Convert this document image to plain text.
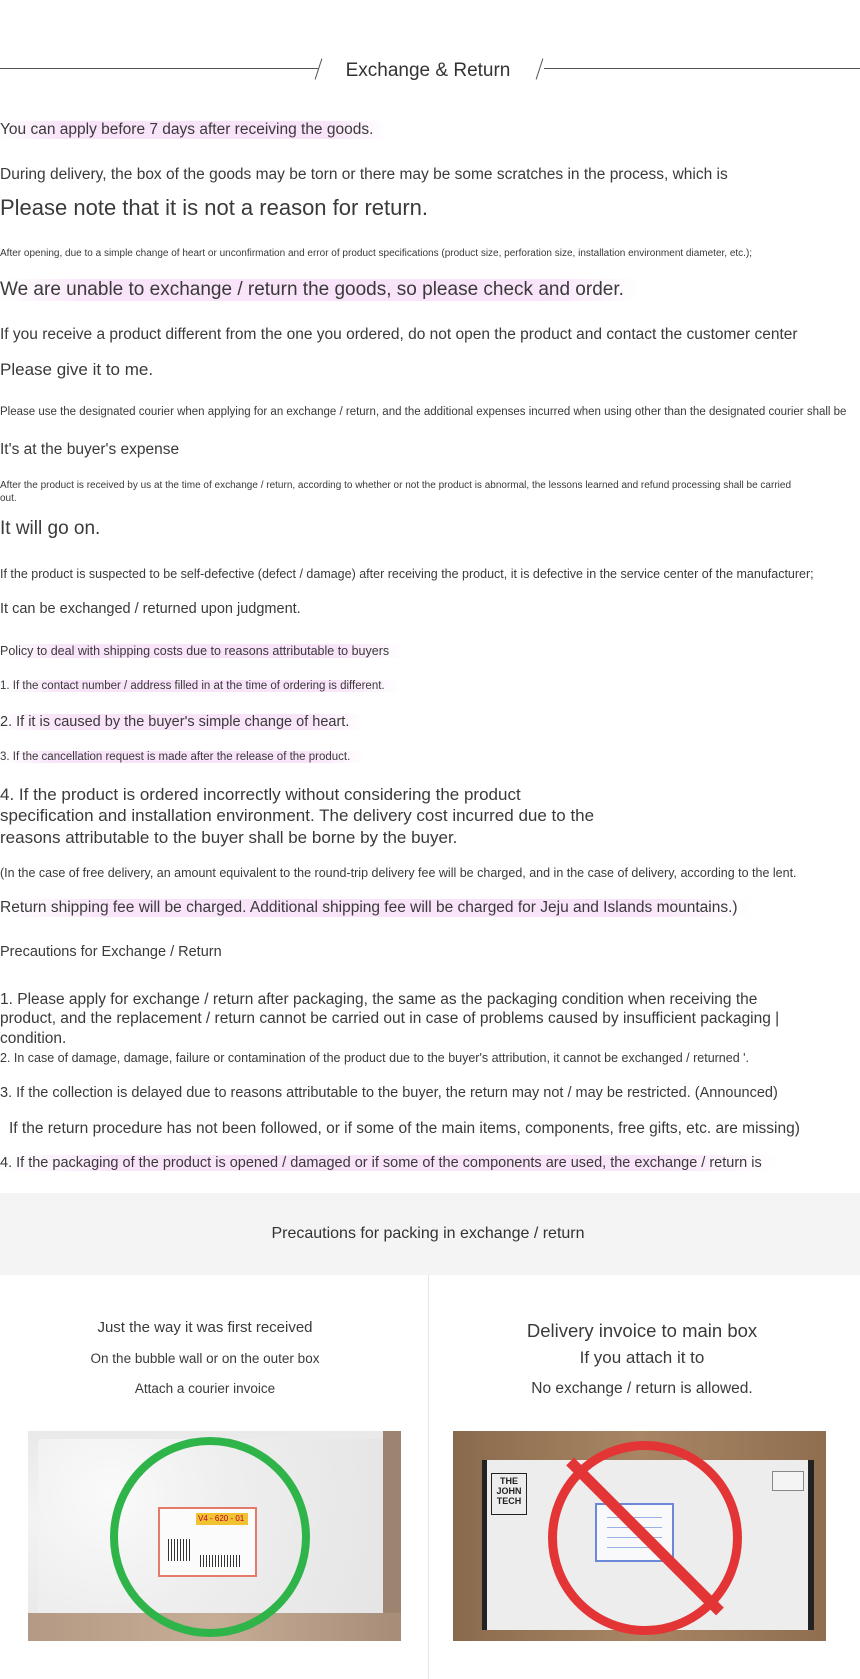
Exchange & Return
You can apply before 7 days after receiving the goods.
During delivery, the box of the goods may be torn or there may be some scratches in the process, which is
Please note that it is not a reason for return.
After opening, due to a simple change of heart or unconfirmation and error of product specifications (product size, perforation size, installation environment diameter, etc.);
We are unable to exchange / return the goods, so please check and order.
If you receive a product different from the one you ordered, do not open the product and contact the customer center
Please give it to me.
Please use the designated courier when applying for an exchange / return, and the additional expenses incurred when using other than the designated courier shall be
It's at the buyer's expense
After the product is received by us at the time of exchange / return, according to whether or not the product is abnormal, the lessons learned and refund processing shall be carried out.
It will go on.
If the product is suspected to be self-defective (defect / damage) after receiving the product, it is defective in the service center of the manufacturer;
It can be exchanged / returned upon judgment.
Policy to deal with shipping costs due to reasons attributable to buyers
1. If the contact number / address filled in at the time of ordering is different.
2. If it is caused by the buyer's simple change of heart.
3. If the cancellation request is made after the release of the product.
4. If the product is ordered incorrectly without considering the product specification and installation environment. The delivery cost incurred due to the reasons attributable to the buyer shall be borne by the buyer.
(In the case of free delivery, an amount equivalent to the round-trip delivery fee will be charged, and in the case of delivery, according to the lent.
Return shipping fee will be charged. Additional shipping fee will be charged for Jeju and Islands mountains.)
Precautions for Exchange / Return
1. Please apply for exchange / return after packaging, the same as the packaging condition when receiving the product, and the replacement / return cannot be carried out in case of problems caused by insufficient packaging | condition.
2. In case of damage, damage, failure or contamination of the product due to the buyer's attribution, it cannot be exchanged / returned '.
3. If the collection is delayed due to reasons attributable to the buyer, the return may not / may be restricted. (Announced)
If the return procedure has not been followed, or if some of the main items, components, free gifts, etc. are missing)
4. If the packaging of the product is opened / damaged or if some of the components are used, the exchange / return is
Precautions for packing in exchange / return
Just the way it was first received
On the bubble wall or on the outer box
Attach a courier invoice
V4 - 620 - 01
Delivery invoice to main box
If you attach it to
No exchange / return is allowed.
THE JOHN TECH
